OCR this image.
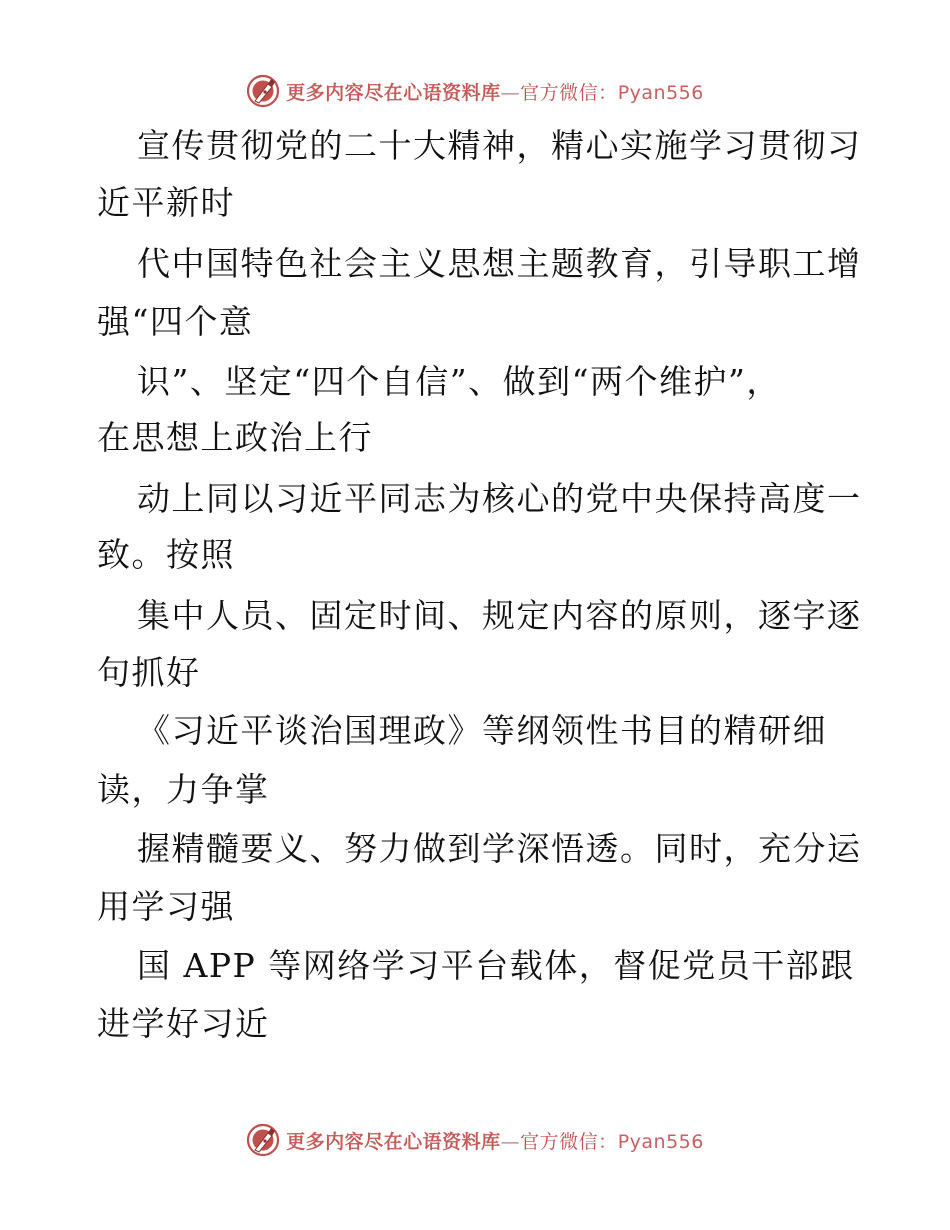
更多内容尽在心语资料库—官方微信：Pyan556
宣传贯彻党的二十大精神，精心实施学习贯彻习
近平新时
代中国特色社会主义思想主题教育，引导职工增
强“四个意
识”、坚定“四个自信”、做到“两个维护”，
在思想上政治上行
动上同以习近平同志为核心的党中央保持高度一
致。按照
集中人员、固定时间、规定内容的原则，逐字逐
句抓好
《习近平谈治国理政》等纲领性书目的精研细
读，力争掌
握精髓要义、努力做到学深悟透。同时，充分运
用学习强
国 APP 等网络学习平台载体，督促党员干部跟
进学好习近
更多内容尽在心语资料库—官方微信：Pyan556
